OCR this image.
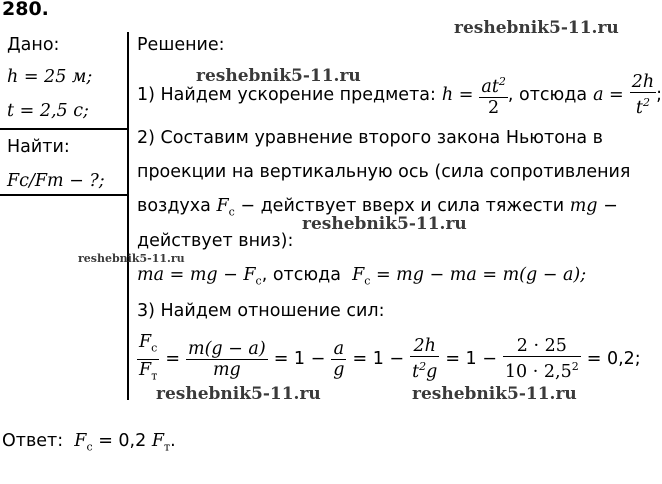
280.
Дано:
h = 25 м;
t = 2,5 с;
Найти:
Fc/Fт − ?;
Решение:
1) Найдем ускорение предмета: $h = \frac{at^2}{2}$ , отсюда $a = \frac{2h}{t^2}$ ;
2) Составим уравнение второго закона Ньютона в
проекции на вертикальную ось (сила сопротивления
воздуха $F_c$ − действует вверх и сила тяжести mg −
действует вниз):
ma = mg − $F_c$, отсюда  $F_c$ = mg − ma = m(g − a);
3) Найдем отношение сил:
$\frac{F_c}{F_т} = \frac{m(g - a)}{mg} = 1 - \frac{a}{g} = 1 - \frac{2h}{t^2g} = 1 - \frac{2 \cdot 25}{10 \cdot 2,5^2} = 0,2$;
Ответ:  $F_c = 0,2$ $F_т$.
reshebnik5-11.ru
reshebnik5-11.ru
reshebnik5-11.ru
reshebnik5-11.ru
reshebnik5-11.ru	reshebnik5-11.ru
